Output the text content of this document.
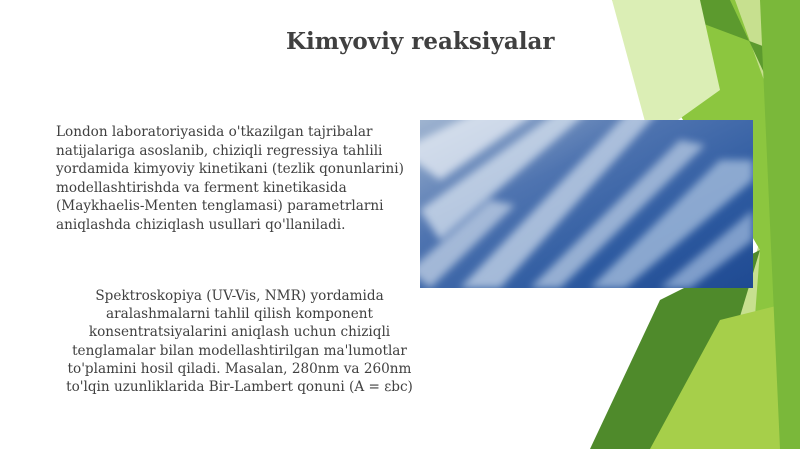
Kimyoviy reaksiyalar
London laboratoriyasida o'tkazilgan tajribalar natijalariga asoslanib, chiziqli regressiya tahlili yordamida kimyoviy kinetikani (tezlik qonunlarini) modellashtirishda va ferment kinetikasida (Maykhaelis-Menten tenglamasi) parametrlarni aniqlashda chiziqlash usullari qo'llaniladi.
Spektroskopiya (UV-Vis, NMR) yordamida aralashmalarni tahlil qilish komponent konsentratsiyalarini aniqlash uchun chiziqli tenglamalar bilan modellashtirilgan ma'lumotlar to'plamini hosil qiladi. Masalan, 280nm va 260nm to'lqin uzunliklarida Bir-Lambert qonuni (A = εbc)
